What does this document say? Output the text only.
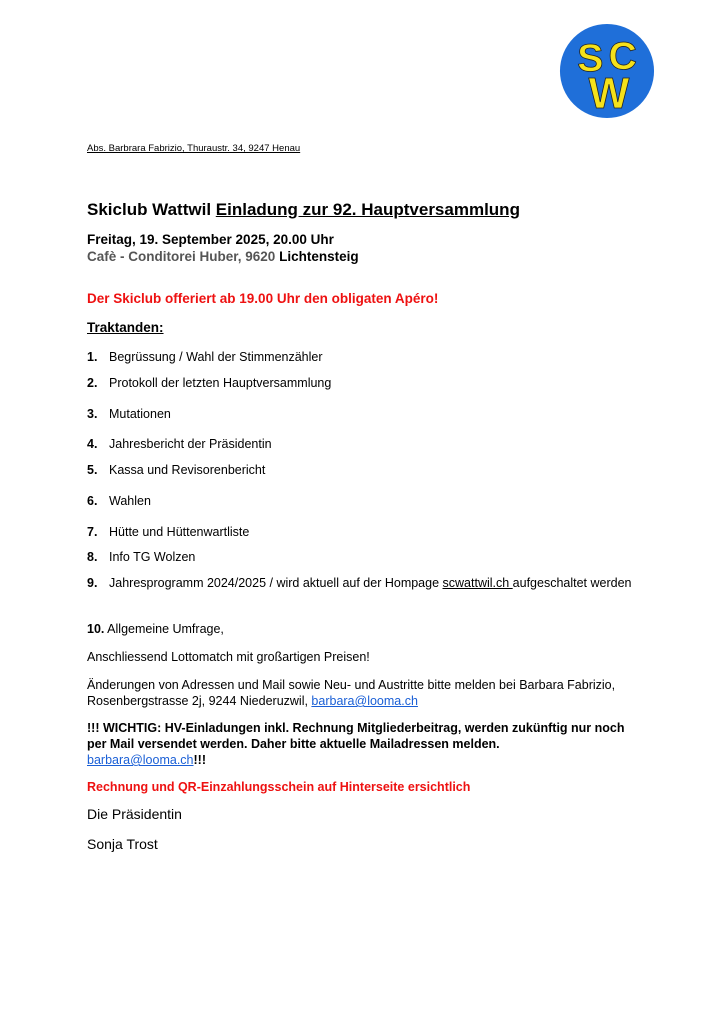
S C
W
Abs. Barbrara Fabrizio, Thuraustr. 34, 9247 Henau
Skiclub Wattwil Einladung zur 92. Hauptversammlung
Freitag, 19. September 2025, 20.00 Uhr
Cafè - Conditorei Huber, 9620 Lichtensteig
Der Skiclub offeriert ab 19.00 Uhr den obligaten Apéro!
Traktanden:
1. Begrüssung / Wahl der Stimmenzähler
2. Protokoll der letzten Hauptversammlung
3. Mutationen
4. Jahresbericht der Präsidentin
5. Kassa und Revisorenbericht
6. Wahlen
7. Hütte und Hüttenwartliste
8. Info TG Wolzen
9. Jahresprogramm 2024/2025 / wird aktuell auf der Hompage scwattwil.ch aufgeschaltet werden
10. Allgemeine Umfrage,
Anschliessend Lottomatch mit großartigen Preisen!
Änderungen von Adressen und Mail sowie Neu- und Austritte bitte melden bei Barbara Fabrizio, Rosenbergstrasse 2j, 9244 Niederuzwil, barbara@looma.ch
!!! WICHTIG: HV-Einladungen inkl. Rechnung Mitgliederbeitrag, werden zukünftig nur noch per Mail versendet werden. Daher bitte aktuelle Mailadressen melden.
barbara@looma.ch!!!
Rechnung und QR-Einzahlungsschein auf Hinterseite ersichtlich
Die Präsidentin
Sonja Trost
